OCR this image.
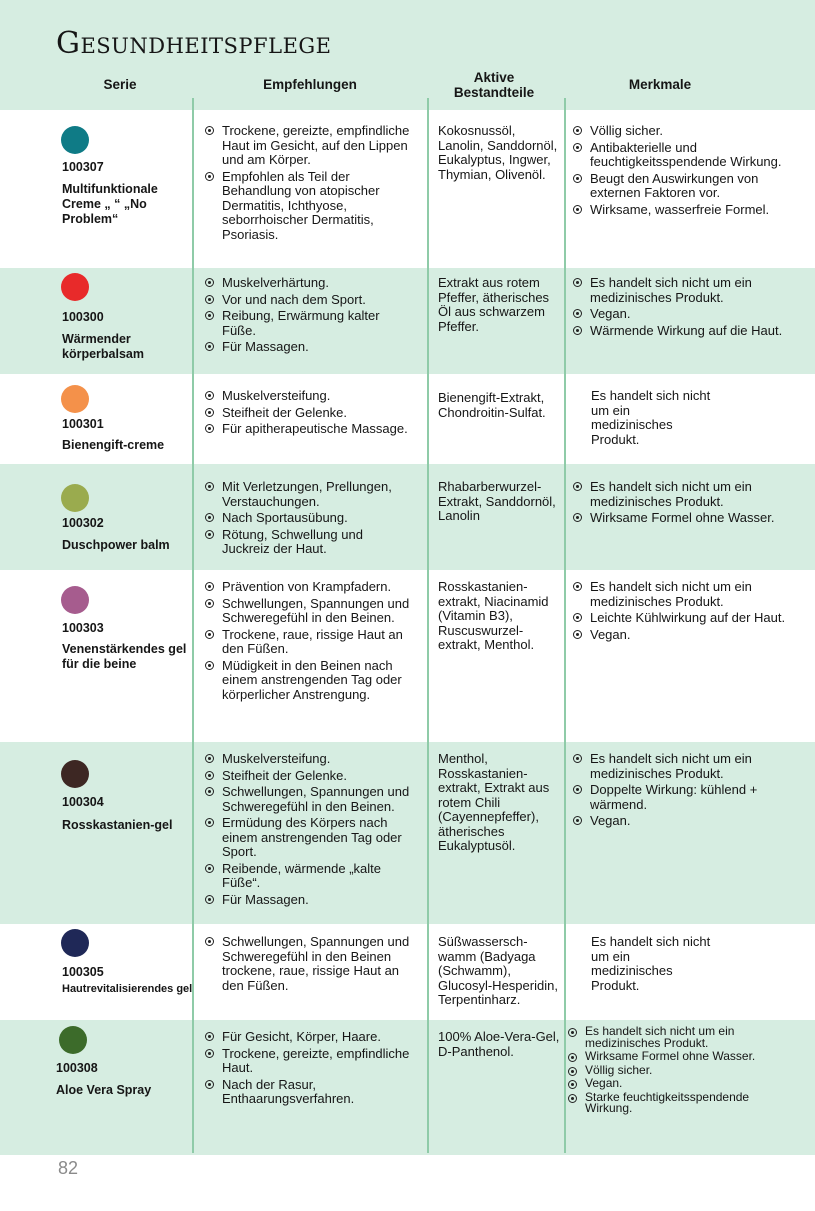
Gesundheitspflege
Serie	Empfehlungen	Aktive Bestandteile
Merkmale
100307
Multifunktionale Creme „ “ „No Problem“
Trockene, gereizte, empfindliche Haut im Gesicht, auf den Lippen und am Körper.
Empfohlen als Teil der Behandlung von atopischer Dermatitis, Ichthyose, seborrhoischer Dermatitis, Psoriasis.
Kokosnussöl, Lanolin, Sanddornöl, Eukalyptus, Ingwer, Thymian, Olivenöl.
Völlig sicher.
Antibakterielle und feuchtigkeitsspendende Wirkung.
Beugt den Auswirkungen von externen Faktoren vor.
Wirksame, wasserfreie Formel.
100300
Wärmender körperbalsam
Muskelverhärtung.
Vor und nach dem Sport.
Reibung, Erwärmung kalter Füße.
Für Massagen.
Extrakt aus rotem Pfeffer, ätherisches Öl aus schwarzem Pfeffer.
Es handelt sich nicht um ein medizinisches Produkt.
Vegan.
Wärmende Wirkung auf die Haut.
100301
Bienengift-creme
Muskelversteifung.
Steifheit der Gelenke.
Für apitherapeutische Massage.
Bienengift-Extrakt, Chondroitin-Sulfat.
Es handelt sich nicht um ein medizinisches Produkt.
100302
Duschpower balm
Mit Verletzungen, Prellungen, Verstauchungen.
Nach Sportausübung.
Rötung, Schwellung und Juckreiz der Haut.
Rhabarberwurzel-Extrakt, Sanddornöl, Lanolin
Es handelt sich nicht um ein medizinisches Produkt.
Wirksame Formel ohne Wasser.
100303
Venenstärkendes gel für die beine
Prävention von Krampfadern.
Schwellungen, Spannungen und Schweregefühl in den Beinen.
Trockene, raue, rissige Haut an den Füßen.
Müdigkeit in den Beinen nach einem anstrengenden Tag oder körperlicher Anstrengung.
Rosskastanien-extrakt, Niacinamid (Vitamin B3), Ruscuswurzel-extrakt, Menthol.
Es handelt sich nicht um ein medizinisches Produkt.
Leichte Kühlwirkung auf der Haut.
Vegan.
100304
Rosskastanien-gel
Muskelversteifung.
Steifheit der Gelenke.
Schwellungen, Spannungen und Schweregefühl in den Beinen.
Ermüdung des Körpers nach einem anstrengenden Tag oder Sport.
Reibende, wärmende „kalte Füße“.
Für Massagen.
Menthol, Rosskastanien-extrakt, Extrakt aus rotem Chili (Cayennepfeffer), ätherisches Eukalyptusöl.
Es handelt sich nicht um ein medizinisches Produkt.
Doppelte Wirkung: kühlend + wärmend.
Vegan.
100305
Hautrevitalisierendes gel
Schwellungen, Spannungen und Schweregefühl in den Beinen trockene, raue, rissige Haut an den Füßen.
Süßwassersch-wamm (Badyaga (Schwamm), Glucosyl-Hesperidin, Terpentinharz.
Es handelt sich nicht um ein medizinisches Produkt.
100308
Aloe Vera Spray
Für Gesicht, Körper, Haare.
Trockene, gereizte, empfindliche Haut.
Nach der Rasur, Enthaarungsverfahren.
100% Aloe-Vera-Gel, D-Panthenol.
Es handelt sich nicht um ein medizinisches Produkt.
Wirksame Formel ohne Wasser.
Völlig sicher.
Vegan.
Starke feuchtigkeitsspendende Wirkung.
82
